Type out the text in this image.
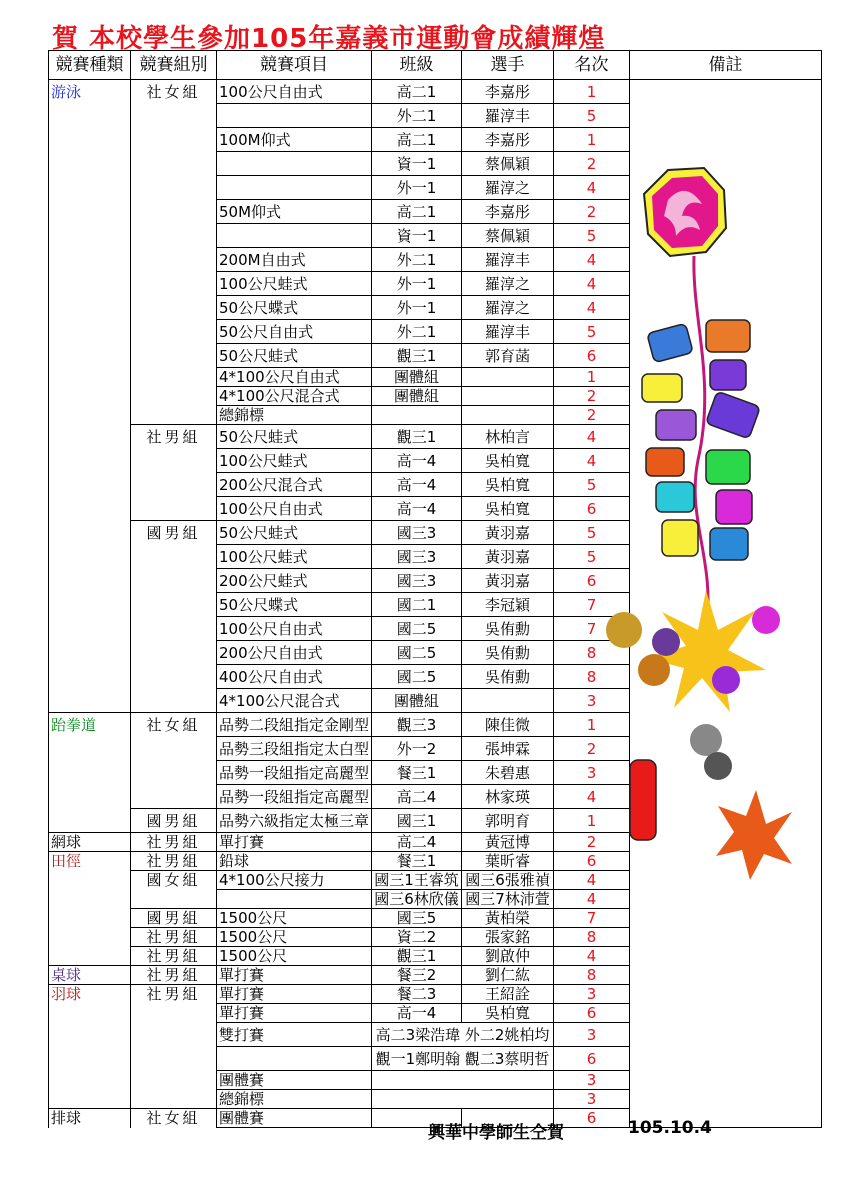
賀 本校學生參加105年嘉義市運動會成績輝煌
競賽種類	競賽組別	競賽項目	班級	選手	名次	備註
游泳	社女組	100公尺自由式	高二1	李嘉彤	1	
			外二1	羅淳丰	5	
		100M仰式	高二1	李嘉彤	1	
			資一1	蔡佩穎	2	
			外一1	羅淳之	4	
		50M仰式	高二1	李嘉彤	2	
			資一1	蔡佩穎	5	
		200M自由式	外二1	羅淳丰	4	
		100公尺蛙式	外一1	羅淳之	4	
		50公尺蝶式	外一1	羅淳之	4	
		50公尺自由式	外二1	羅淳丰	5	
		50公尺蛙式	觀三1	郭育菡	6	
		4*100公尺自由式	團體組		1	
		4*100公尺混合式	團體組		2	
		總錦標			2	
	社男組	50公尺蛙式	觀三1	林柏言	4	
		100公尺蛙式	高一4	吳柏寬	4	
		200公尺混合式	高一4	吳柏寬	5	
		100公尺自由式	高一4	吳柏寬	6	
	國男組	50公尺蛙式	國三3	黃羽嘉	5	
		100公尺蛙式	國三3	黃羽嘉	5	
		200公尺蛙式	國三3	黃羽嘉	6	
		50公尺蝶式	國二1	李冠穎	7	
		100公尺自由式	國二5	吳侑勳	7	
		200公尺自由式	國二5	吳侑勳	8	
		400公尺自由式	國二5	吳侑勳	8	
		4*100公尺混合式	團體組		3	
跆拳道	社女組	品勢二段組指定金剛型	觀三3	陳佳微	1	
		品勢三段組指定太白型	外一2	張坤霖	2	
		品勢一段組指定高麗型	餐三1	朱碧惠	3	
		品勢一段組指定高麗型	高二4	林家瑛	4	
	國男組	品勢六級指定太極三章	國三1	郭明育	1	
網球	社男組	單打賽	高二4	黃冠博	2	
田徑	社男組	鉛球	餐三1	葉昕睿	6	
	國女組	4*100公尺接力	國三1王睿筑	國三6張雅禎	4	
			國三6林欣儀	國三7林沛萱	4	
	國男組	1500公尺	國三5	黃柏榮	7	
	社男組	1500公尺	資二2	張家銘	8	
	社男組	1500公尺	觀三1	劉啟仲	4	
桌球	社男組	單打賽	餐三2	劉仁紘	8	
羽球	社男組	單打賽	餐二3	王紹詮	3	
		單打賽	高一4	吳柏寬	6	
		雙打賽	高二3梁浩瑋 外二2姚柏均		3	
			觀一1鄭明翰 觀二3蔡明哲		6	
		團體賽			3	
		總錦標			3	
排球	社女組	團體賽			6	
興華中學師生仝賀	105.10.4
